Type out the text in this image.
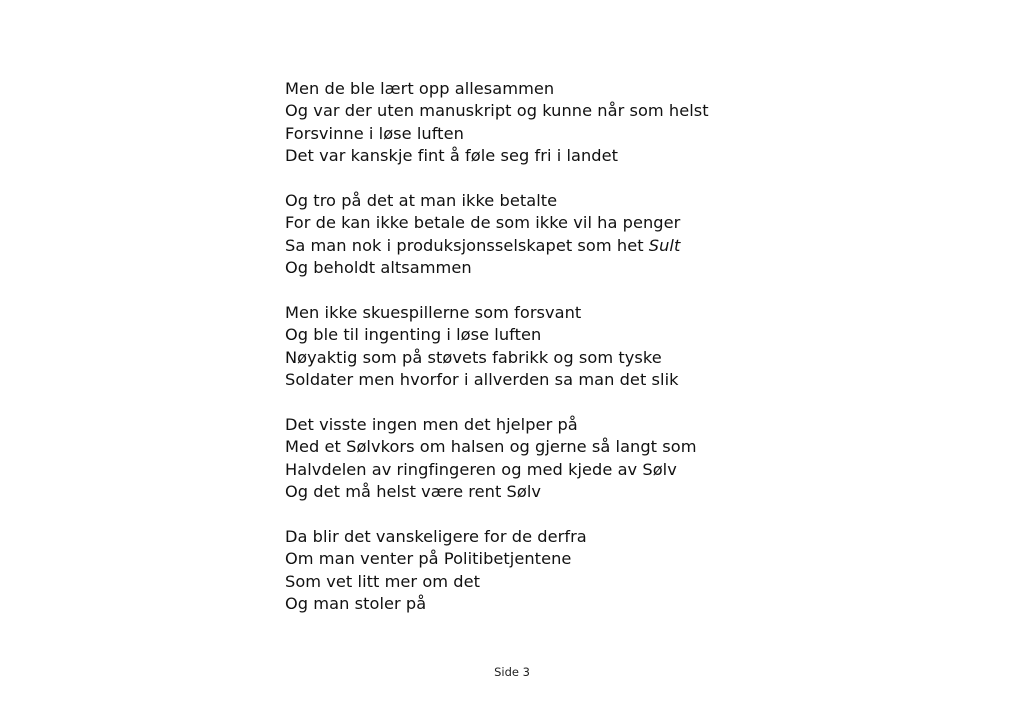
Men de ble lært opp allesammen
Og var der uten manuskript og kunne når som helst
Forsvinne i løse luften
Det var kanskje fint å føle seg fri i landet
Og tro på det at man ikke betalte
For de kan ikke betale de som ikke vil ha penger
Sa man nok i produksjonsselskapet som het Sult
Og beholdt altsammen
Men ikke skuespillerne som forsvant
Og ble til ingenting i løse luften
Nøyaktig som på støvets fabrikk og som tyske
Soldater men hvorfor i allverden sa man det slik
Det visste ingen men det hjelper på
Med et Sølvkors om halsen og gjerne så langt som
Halvdelen av ringfingeren og med kjede av Sølv
Og det må helst være rent Sølv
Da blir det vanskeligere for de derfra
Om man venter på Politibetjentene
Som vet litt mer om det
Og man stoler på
Side 3
